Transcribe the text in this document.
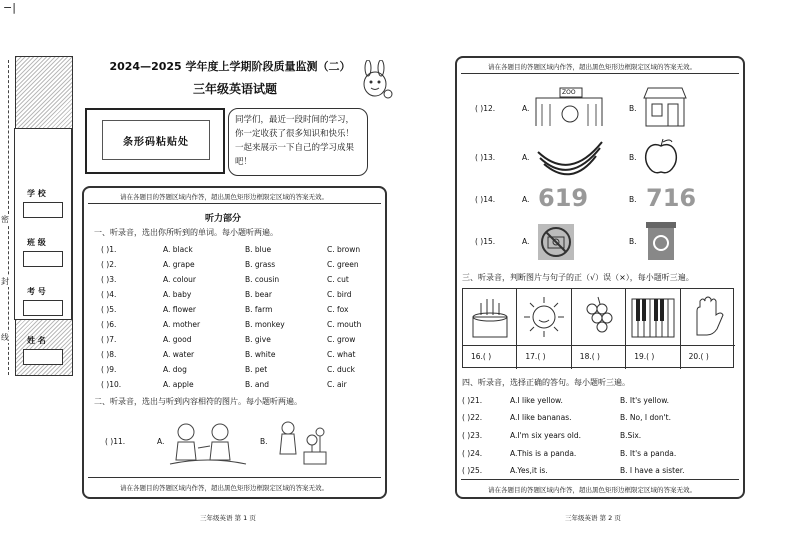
−|
密
封
线
学 校
班 级
考 号
姓 名
2024—2025 学年度上学期阶段质量监测（二）
三年级英语试题
条形码粘贴处
同学们，最近一段时间的学习，你一定收获了很多知识和快乐！一起来展示一下自己的学习成果吧！
请在各题目的答题区域内作答，超出黑色矩形边框限定区域的答案无效。
听力部分
一、听录音，选出你所听到的单词。每小题听两遍。
( )1.	A. black	B. blue	C. brown
( )2.	A. grape	B. grass	C. green
( )3.	A. colour	B. cousin	C. cut
( )4.	A. baby	B. bear	C. bird
( )5.	A. flower	B. farm	C. fox
( )6.	A. mother	B. monkey	C. mouth
( )7.	A. good	B. give	C. grow
( )8.	A. water	B. white	C. what
( )9.	A. dog	B. pet	C. duck
( )10.	A. apple	B. and	C. air
二、听录音，选出与听到内容相符的图片。每小题听两遍。
( )11.	A.	B.
请在各题目的答题区域内作答，超出黑色矩形边框限定区域的答案无效。
三年级英语 第 1 页
请在各题目的答题区域内作答，超出黑色矩形边框限定区域的答案无效。
( )12.	A.	B.
ZOO
( )13.	A.	B.
( )14.	A.	B.
619 716
( )15.	A.	B.
三、听录音，判断图片与句子的正（√）误（×），每小题听三遍。
16.( )	17.( )	18.( )	19.( )	20.( )
四、听录音，选择正确的答句。每小题听三遍。
( )21.	A.I like yellow.	B. It's yellow.
( )22.	A.I like bananas.	B. No, I don't.
( )23.	A.I'm six years old.	B.Six.
( )24.	A.This is a panda.	B. It's a panda.
( )25.	A.Yes,it is.	B. I have a sister.
请在各题目的答题区域内作答，超出黑色矩形边框限定区域的答案无效。
三年级英语 第 2 页
